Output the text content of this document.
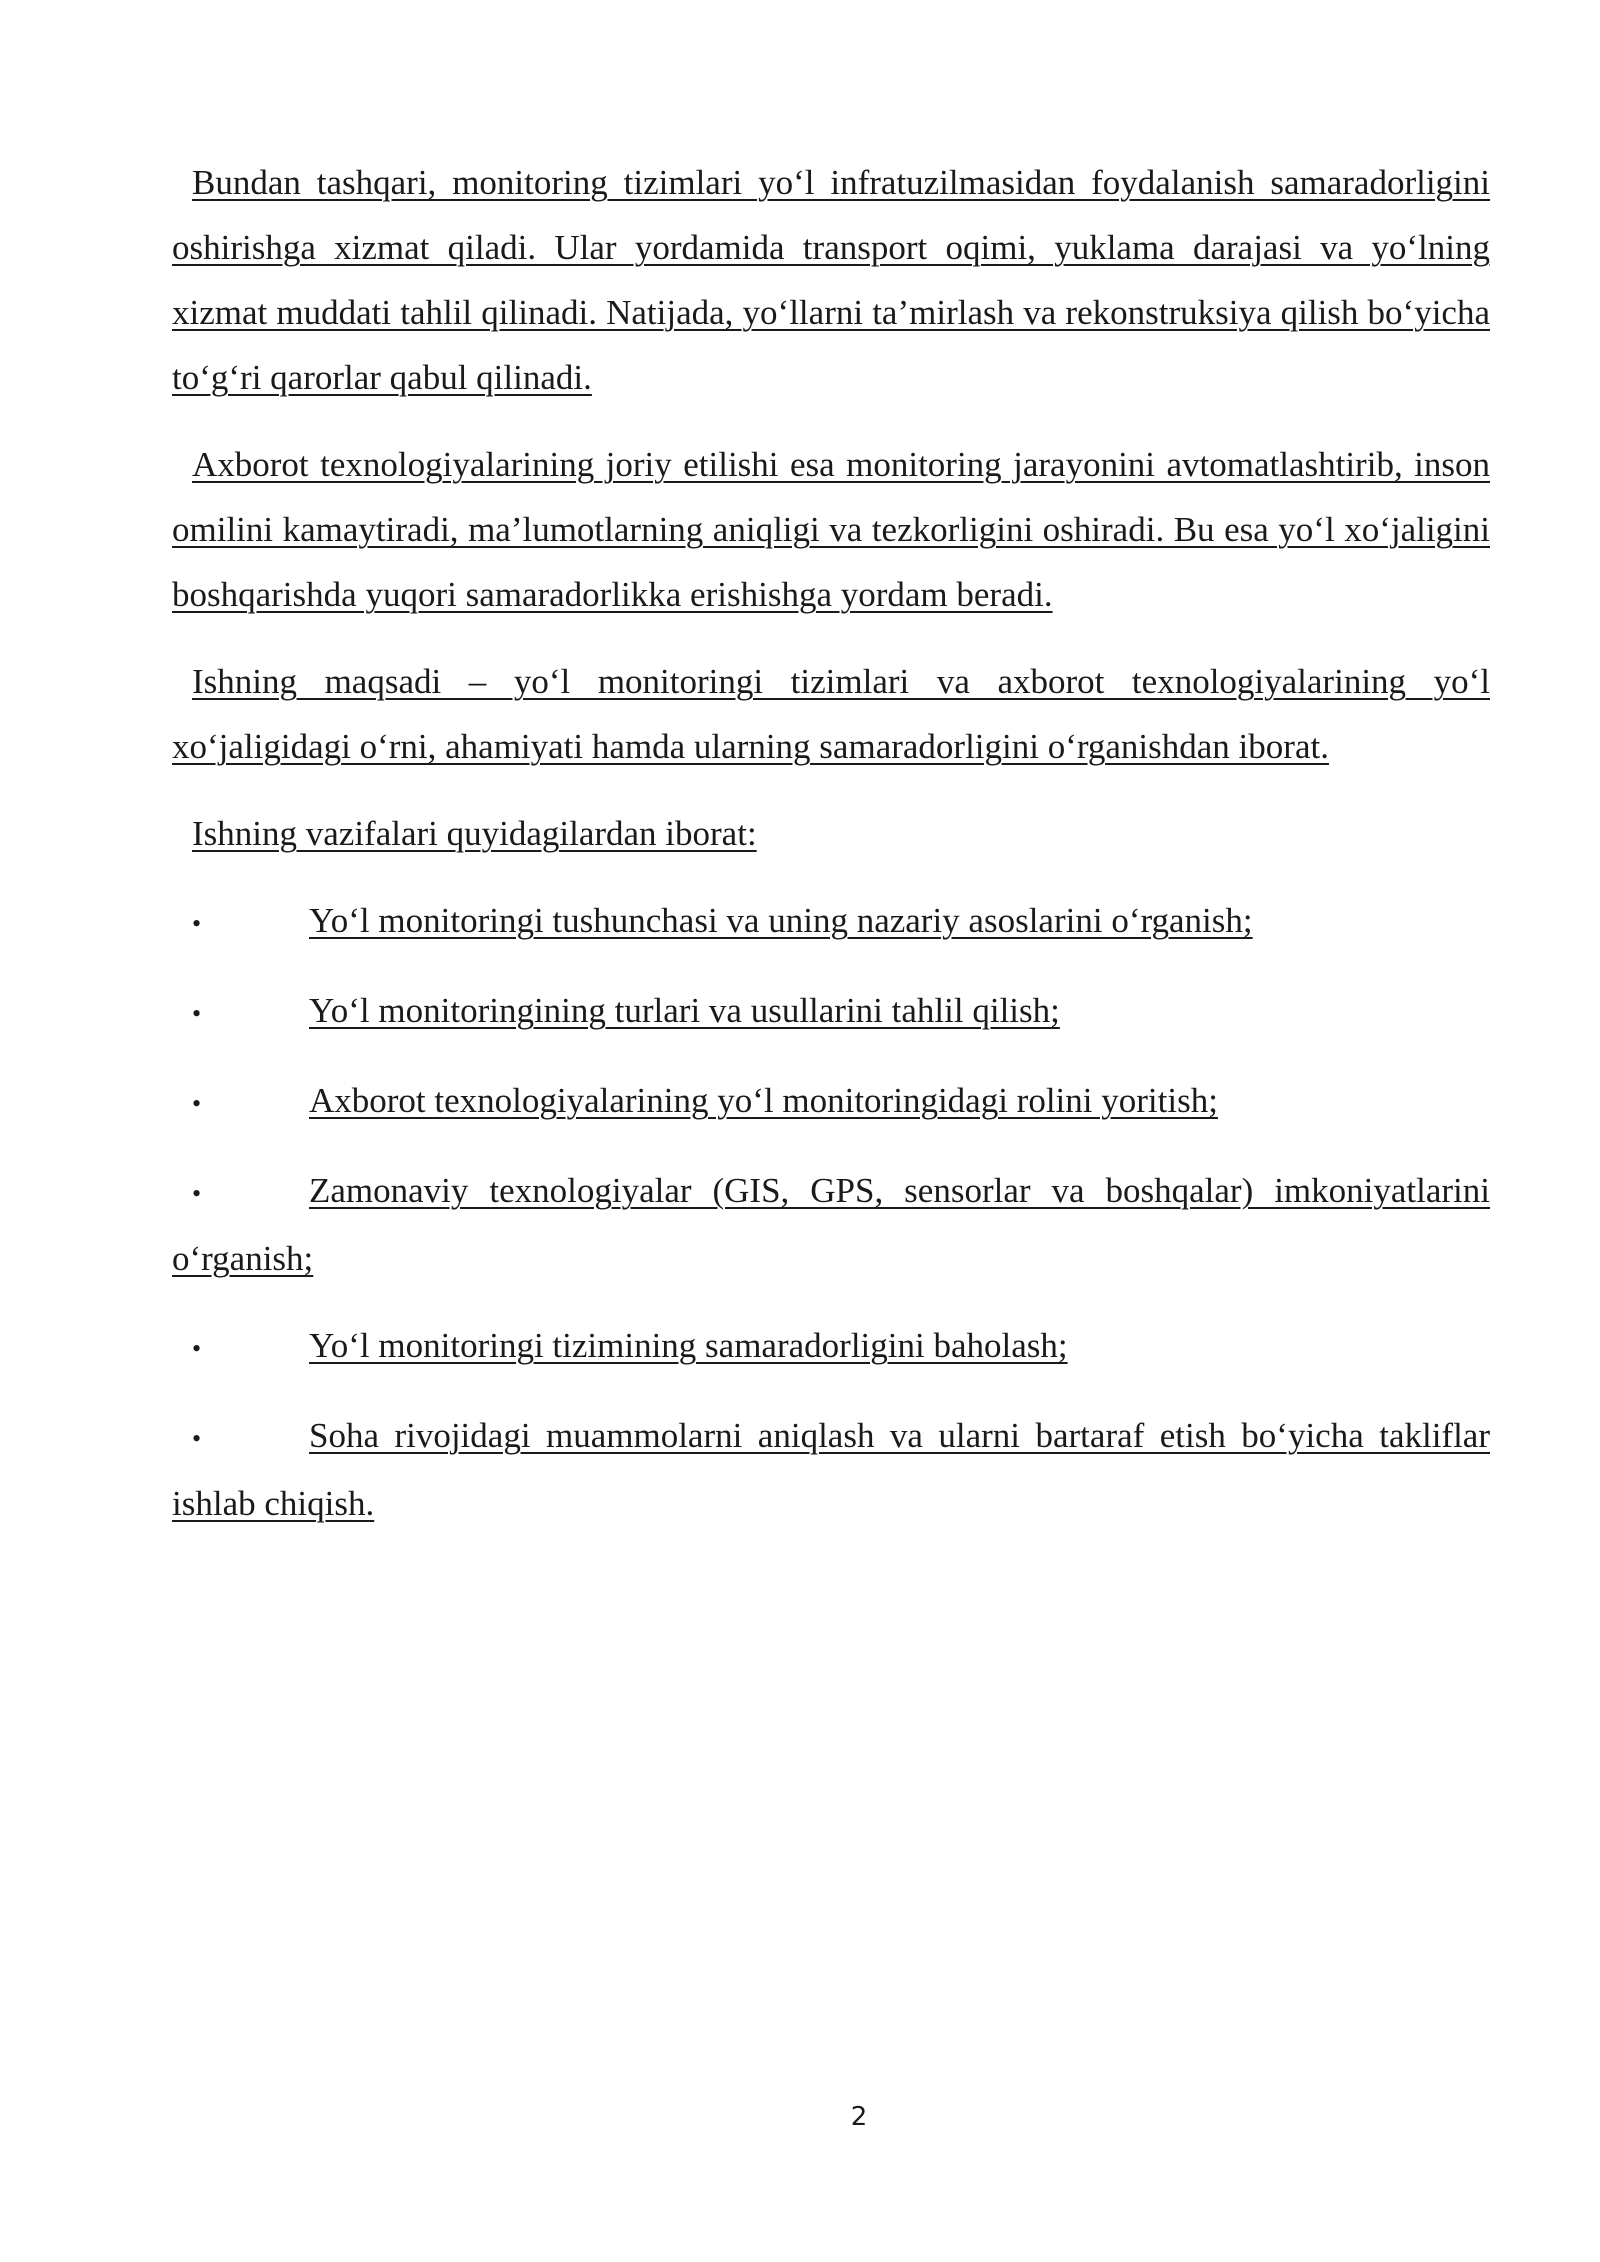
Bundan tashqari, monitoring tizimlari yo‘l infratuzilmasidan foydalanish samaradorligini oshirishga xizmat qiladi. Ular yordamida transport oqimi, yuklama darajasi va yo‘lning xizmat muddati tahlil qilinadi. Natijada, yo‘llarni ta’mirlash va rekonstruksiya qilish bo‘yicha to‘g‘ri qarorlar qabul qilinadi.

Axborot texnologiyalarining joriy etilishi esa monitoring jarayonini avtomatlashtirib, inson omilini kamaytiradi, ma’lumotlarning aniqligi va tezkorligini oshiradi. Bu esa yo‘l xo‘jaligini boshqarishda yuqori samaradorlikka erishishga yordam beradi.

Ishning maqsadi – yo‘l monitoringi tizimlari va axborot texnologiyalarining yo‘l xo‘jaligidagi o‘rni, ahamiyati hamda ularning samaradorligini o‘rganishdan iborat.

Ishning vazifalari quyidagilardan iborat:

•	Yo‘l monitoringi tushunchasi va uning nazariy asoslarini o‘rganish;

•	Yo‘l monitoringining turlari va usullarini tahlil qilish;

•	Axborot texnologiyalarining yo‘l monitoringidagi rolini yoritish;

•	Zamonaviy texnologiyalar (GIS, GPS, sensorlar va boshqalar) imkoniyatlarini o‘rganish;

•	Yo‘l monitoringi tizimining samaradorligini baholash;

•	Soha rivojidagi muammolarni aniqlash va ularni bartaraf etish bo‘yicha takliflar ishlab chiqish.

2
